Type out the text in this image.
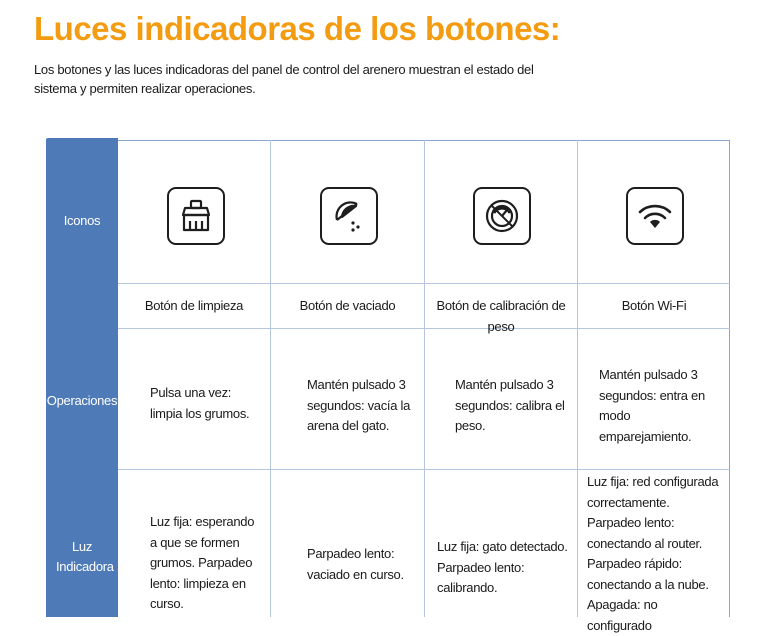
Luces indicadoras de los botones:
Los botones y las luces indicadoras del panel de control del arenero muestran el estado del sistema y permiten realizar operaciones.
Iconos
Operaciones
Luz Indicadora
Botón de limpieza	Botón de vaciado	Botón de calibración de peso
Botón Wi-Fi
Pulsa una vez: limpia los grumos.
Mantén pulsado 3 segundos: vacía la arena del gato.
Mantén pulsado 3 segundos: calibra el peso.
Mantén pulsado 3 segundos: entra en modo emparejamiento.
Luz fija: esperando a que se formen grumos. Parpadeo lento: limpieza en curso.
Parpadeo lento: vaciado en curso.
Luz fija: gato detectado. Parpadeo lento: calibrando.
Luz fija: red configurada correctamente. Parpadeo lento: conectando al router. Parpadeo rápido: conectando a la nube. Apagada: no configurado
